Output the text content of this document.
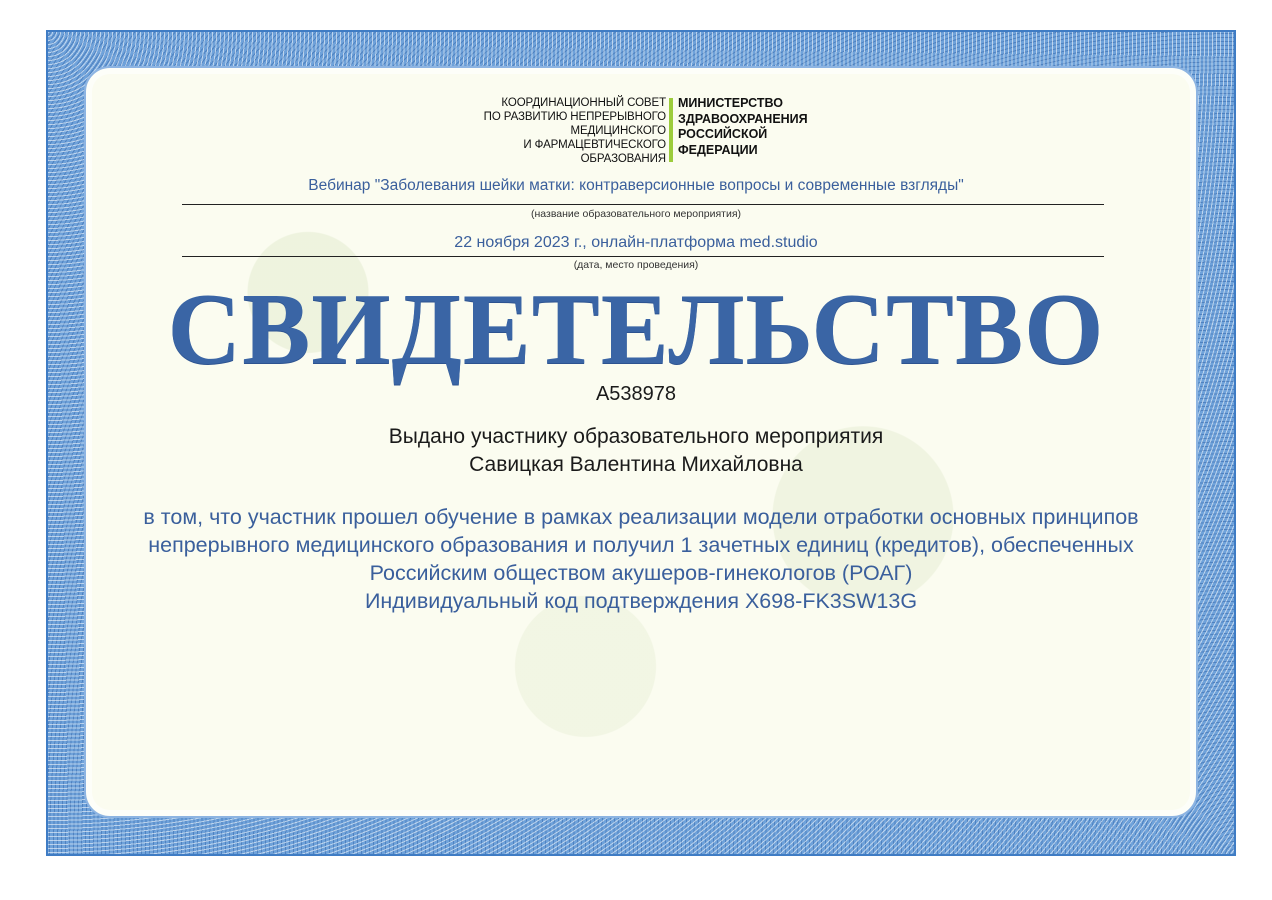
КООРДИНАЦИОННЫЙ СОВЕТ
ПО РАЗВИТИЮ НЕПРЕРЫВНОГО
МЕДИЦИНСКОГО
И ФАРМАЦЕВТИЧЕСКОГО
ОБРАЗОВАНИЯ
МИНИСТЕРСТВО
ЗДРАВООХРАНЕНИЯ
РОССИЙСКОЙ
ФЕДЕРАЦИИ
Вебинар "Заболевания шейки матки: контраверсионные вопросы и современные взгляды"
(название образовательного мероприятия)
22 ноября 2023 г., онлайн-платформа med.studio
(дата, место проведения)
СВИДЕТЕЛЬСТВО
А538978
Выдано участнику образовательного мероприятия
Савицкая Валентина Михайловна
в том, что участник прошел обучение в рамках реализации модели отработки основных принципов непрерывного медицинского образования и получил 1 зачетных единиц (кредитов), обеспеченных Российским обществом акушеров-гинекологов (РОАГ)
Индивидуальный код подтверждения X698-FK3SW13G
